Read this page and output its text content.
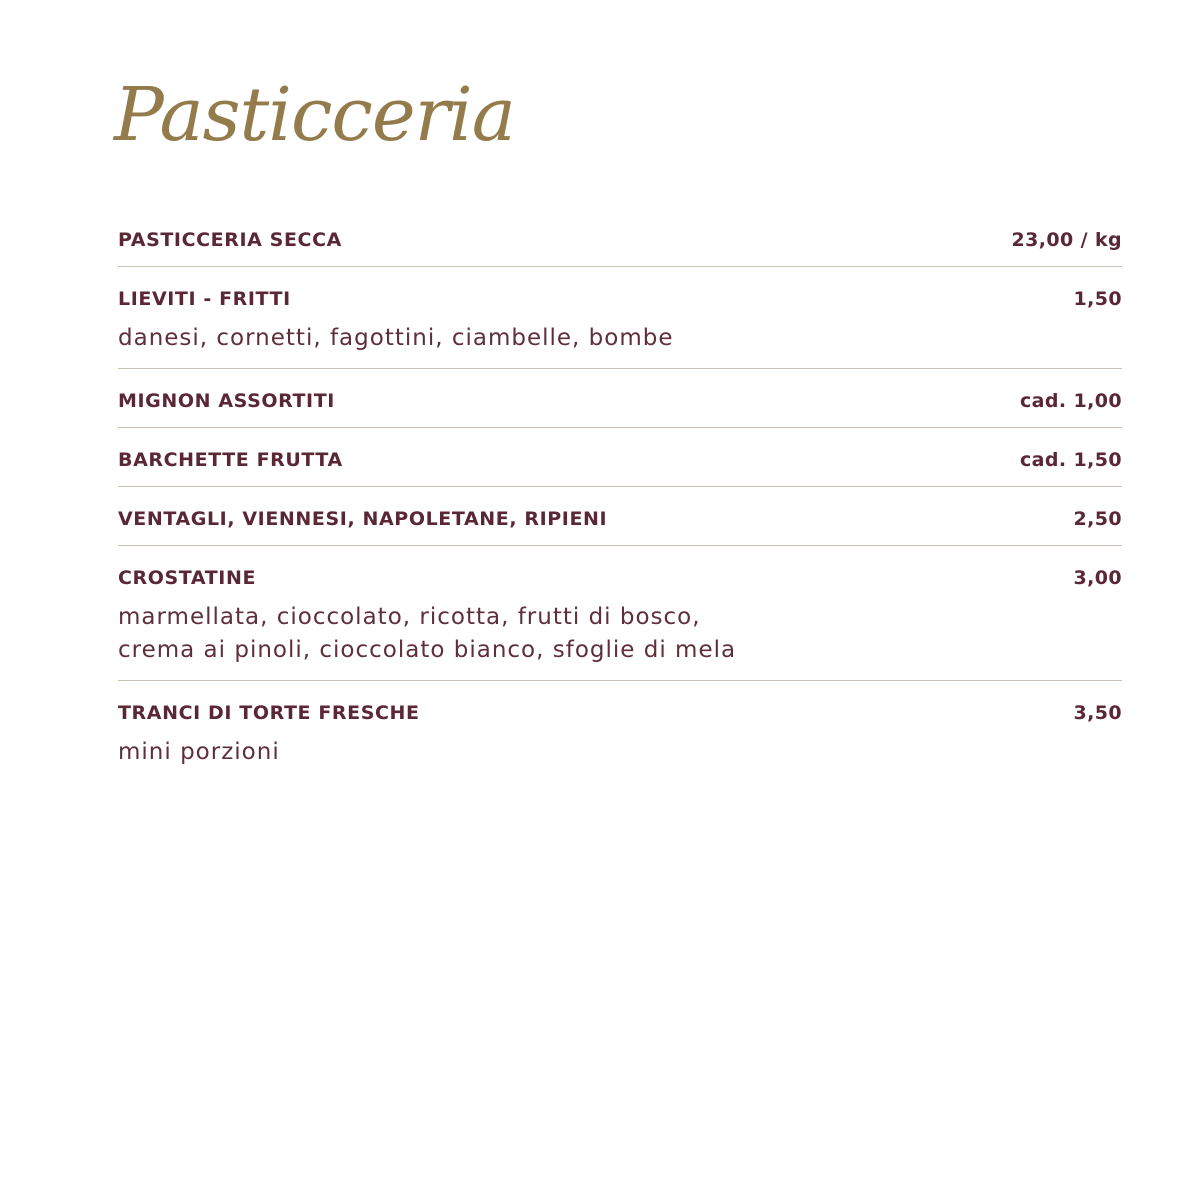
Pasticceria
PASTICCERIA SECCA	23,00 / kg
LIEVITI - FRITTI	1,50
danesi, cornetti, fagottini, ciambelle, bombe
MIGNON ASSORTITI	cad. 1,00
BARCHETTE FRUTTA	cad. 1,50
VENTAGLI, VIENNESI, NAPOLETANE, RIPIENI	2,50
CROSTATINE	3,00
marmellata, cioccolato, ricotta, frutti di bosco,
crema ai pinoli, cioccolato bianco, sfoglie di mela
TRANCI DI TORTE FRESCHE	3,50
mini porzioni
